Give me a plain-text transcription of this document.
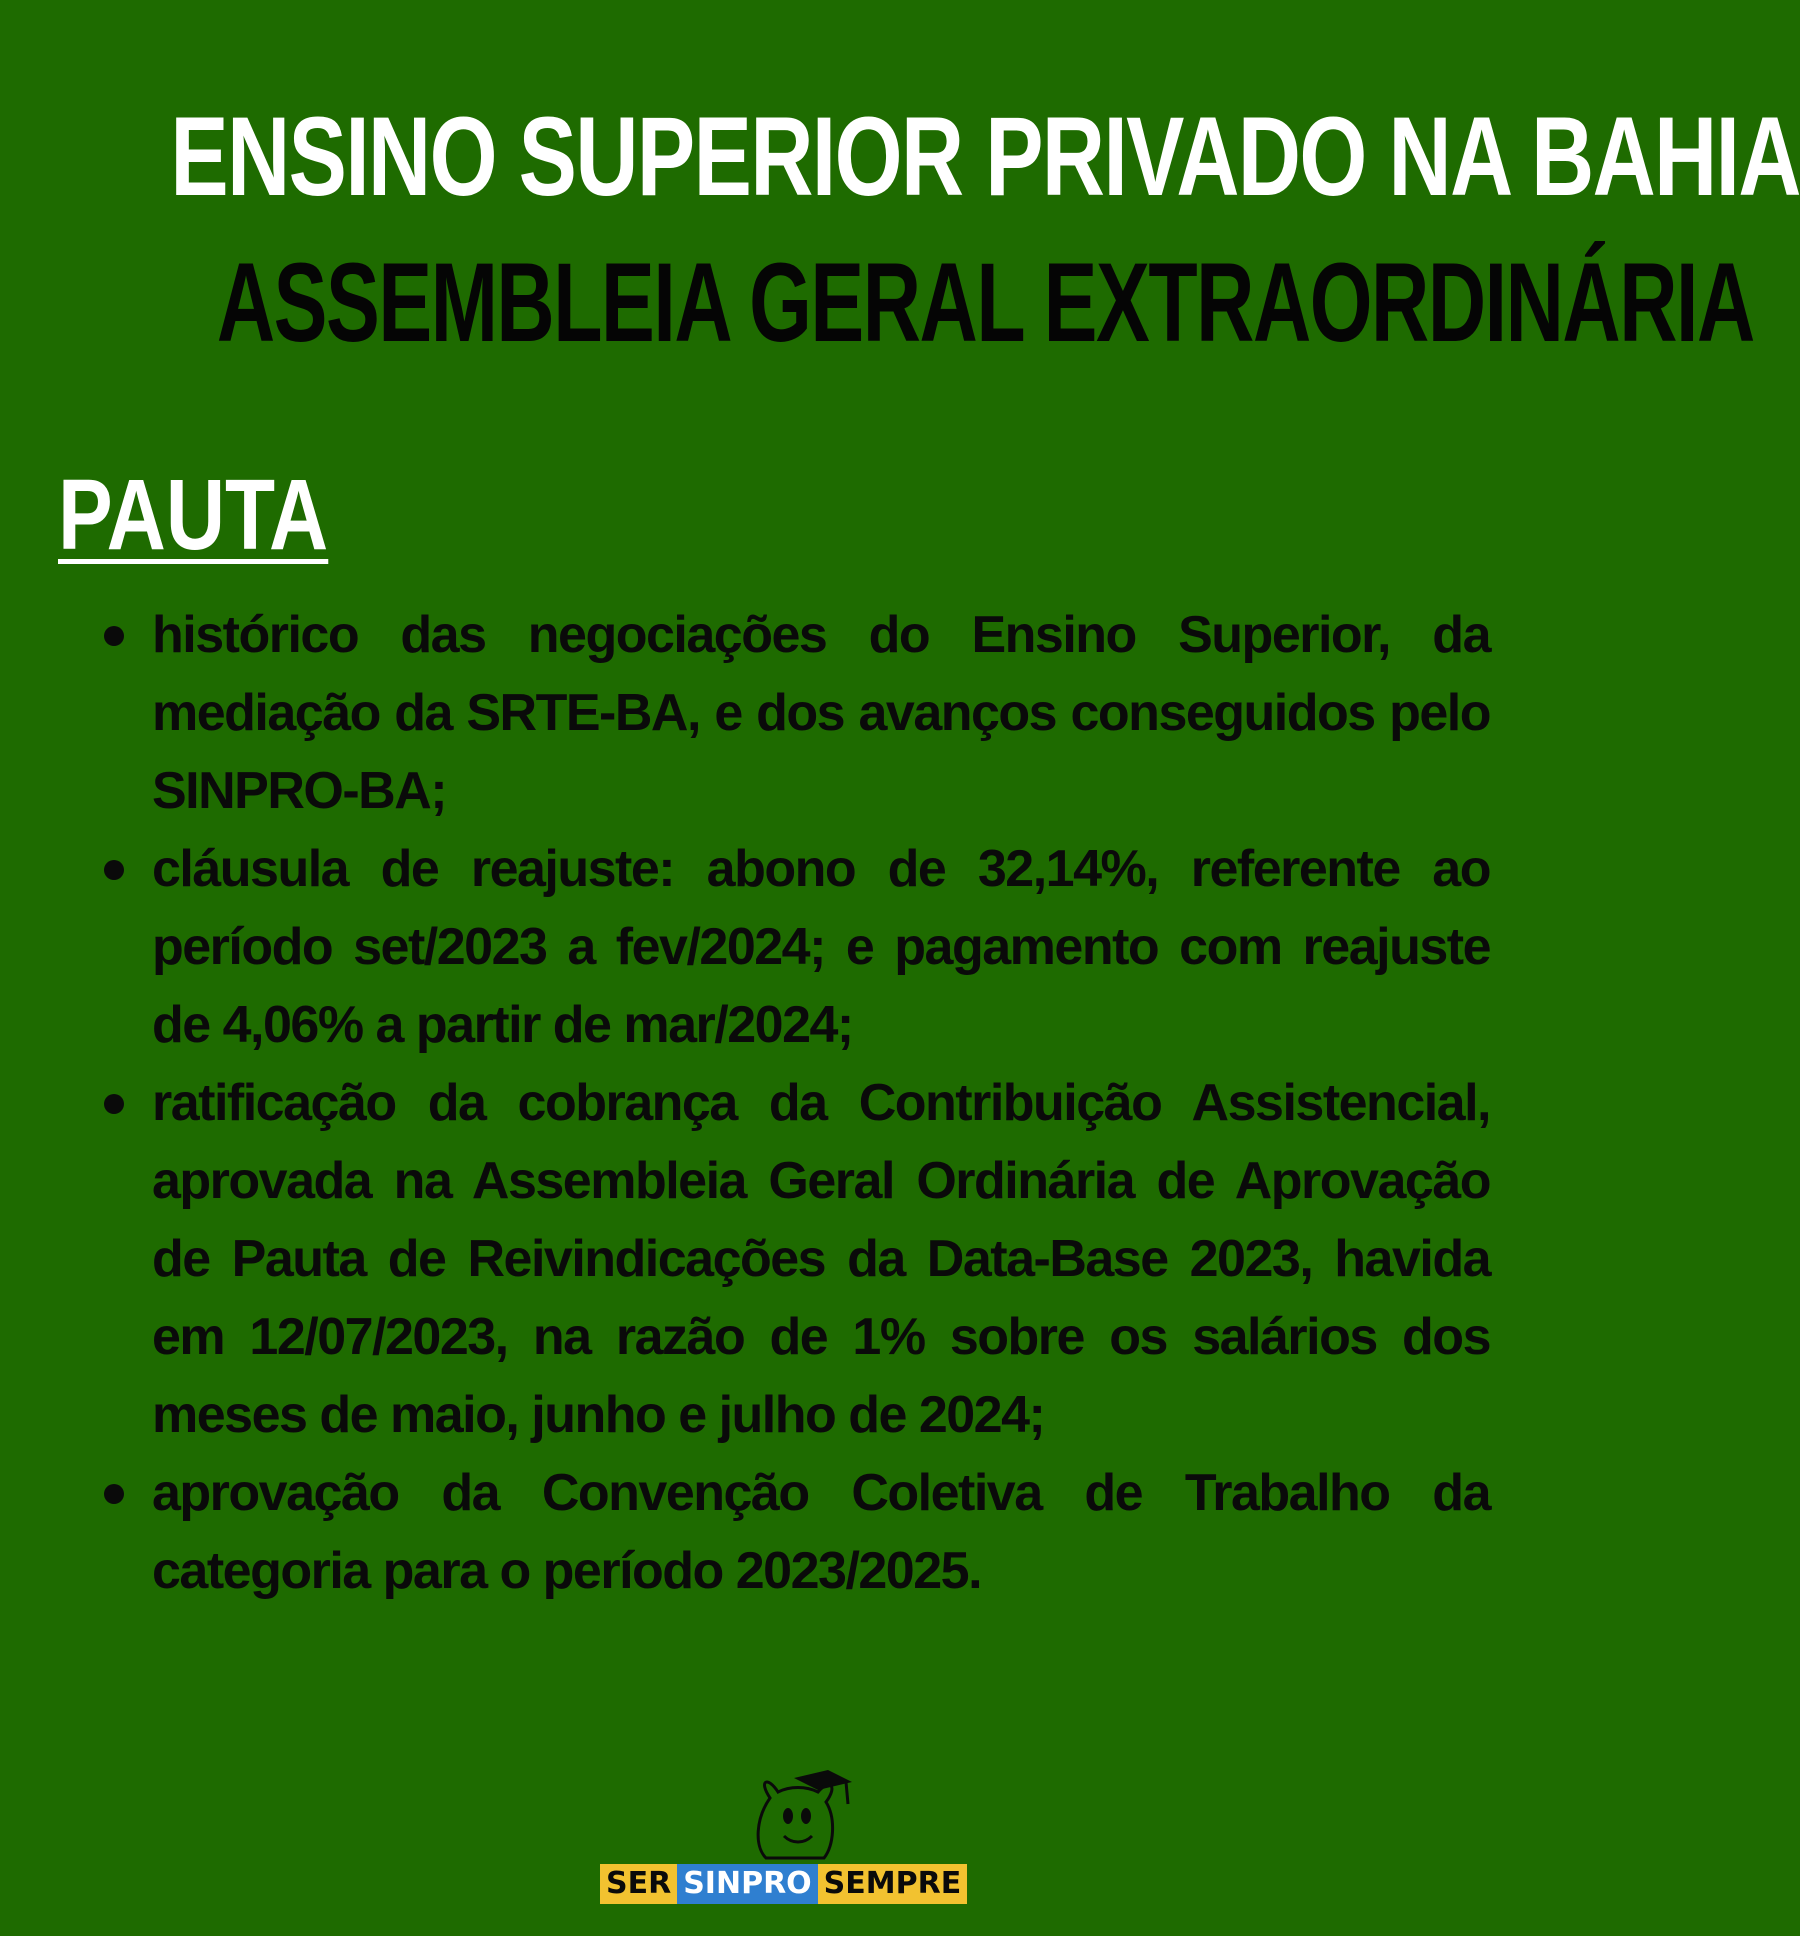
ENSINO SUPERIOR PRIVADO NA BAHIA
ASSEMBLEIA GERAL EXTRAORDINÁRIA
PAUTA
histórico das negociações do Ensino Superior, da mediação da SRTE-BA, e dos avanços conseguidos pelo SINPRO-BA;
cláusula de reajuste: abono de 32,14%, referente ao período set/2023 a fev/2024; e pagamento com reajuste de 4,06% a partir de mar/2024;
ratificação da cobrança da Contribuição Assistencial, aprovada na Assembleia Geral Ordinária de Aprovação de Pauta de Reivindicações da Data-Base 2023, havida em 12/07/2023, na razão de 1% sobre os salários dos meses de maio, junho e julho de 2024;
aprovação da Convenção Coletiva de Trabalho da categoria para o período 2023/2025.
SER SINPRO SEMPRE
